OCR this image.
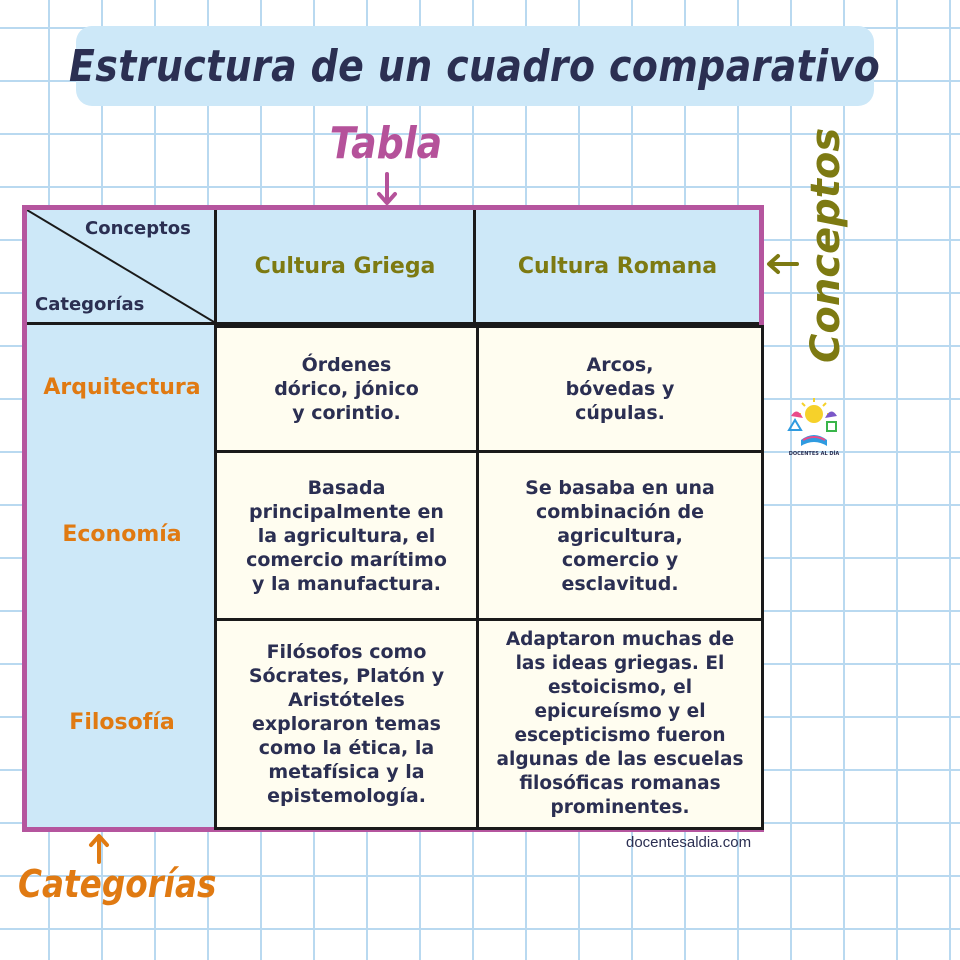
Estructura de un cuadro comparativo
Tabla
Conceptos
Categorías
Cultura Griega	Cultura Romana
Arquitectura
Economía
Filosofía
Órdenes
dórico, jónico
y corintio.
Arcos,
bóvedas y
cúpulas.
Basada
principalmente en
la agricultura, el
comercio marítimo
y la manufactura.
Se basaba en una
combinación de
agricultura,
comercio y
esclavitud.
Filósofos como
Sócrates, Platón y
Aristóteles
exploraron temas
como la ética, la
metafísica y la
epistemología.
Adaptaron muchas de
las ideas griegas. El
estoicismo, el
epicureísmo y el
escepticismo fueron
algunas de las escuelas
filosóficas romanas
prominentes.
Conceptos
DOCENTES AL DÍA
docentesaldia.com
Categorías
